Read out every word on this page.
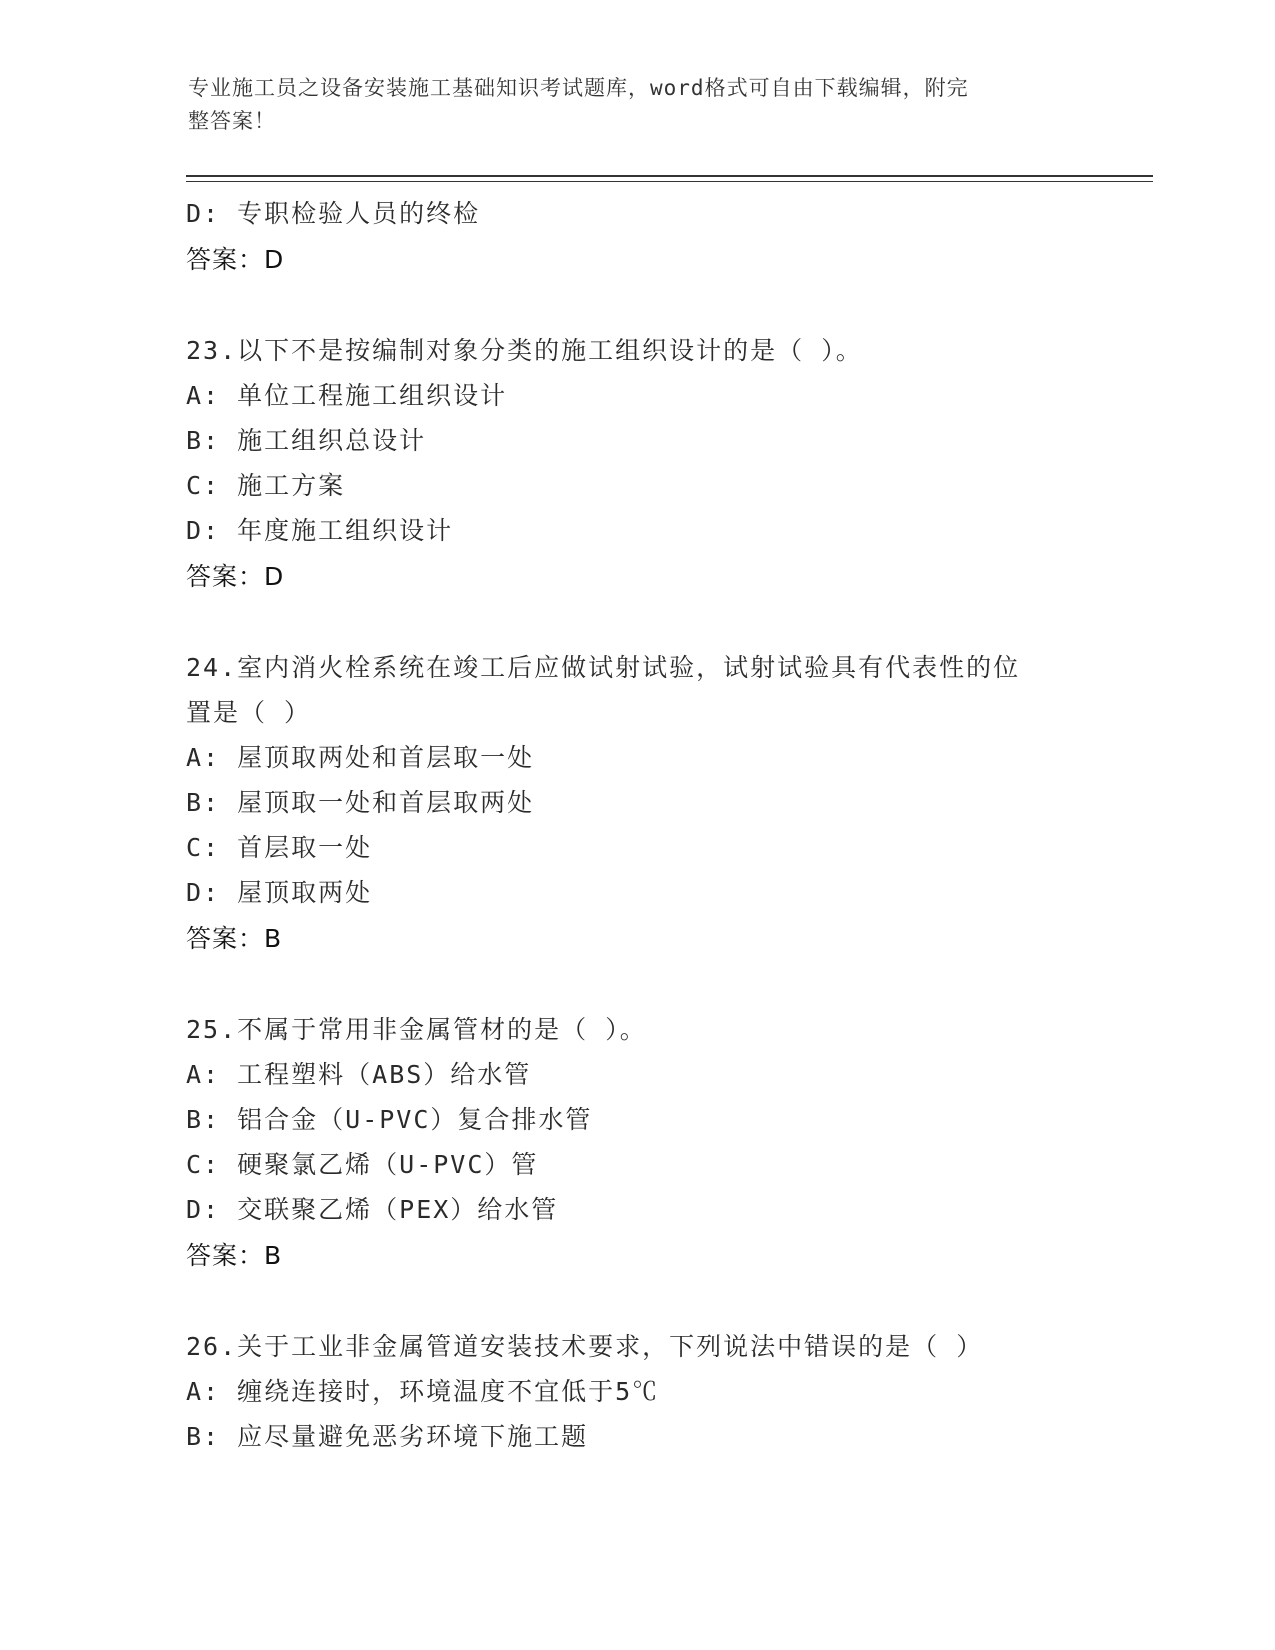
专业施工员之设备安装施工基础知识考试题库，word格式可自由下载编辑，附完
整答案！
D: 专职检验人员的终检
答案：D
23.以下不是按编制对象分类的施工组织设计的是（ ）。
A: 单位工程施工组织设计
B: 施工组织总设计
C: 施工方案
D: 年度施工组织设计
答案：D
24.室内消火栓系统在竣工后应做试射试验，试射试验具有代表性的位
置是（ ）
A: 屋顶取两处和首层取一处
B: 屋顶取一处和首层取两处
C: 首层取一处
D: 屋顶取两处
答案：B
25.不属于常用非金属管材的是（ ）。
A: 工程塑料（ABS）给水管
B: 铝合金（U-PVC）复合排水管
C: 硬聚氯乙烯（U-PVC）管
D: 交联聚乙烯（PEX）给水管
答案：B
26.关于工业非金属管道安装技术要求，下列说法中错误的是（ ）
A: 缠绕连接时，环境温度不宜低于5℃
B: 应尽量避免恶劣环境下施工题
